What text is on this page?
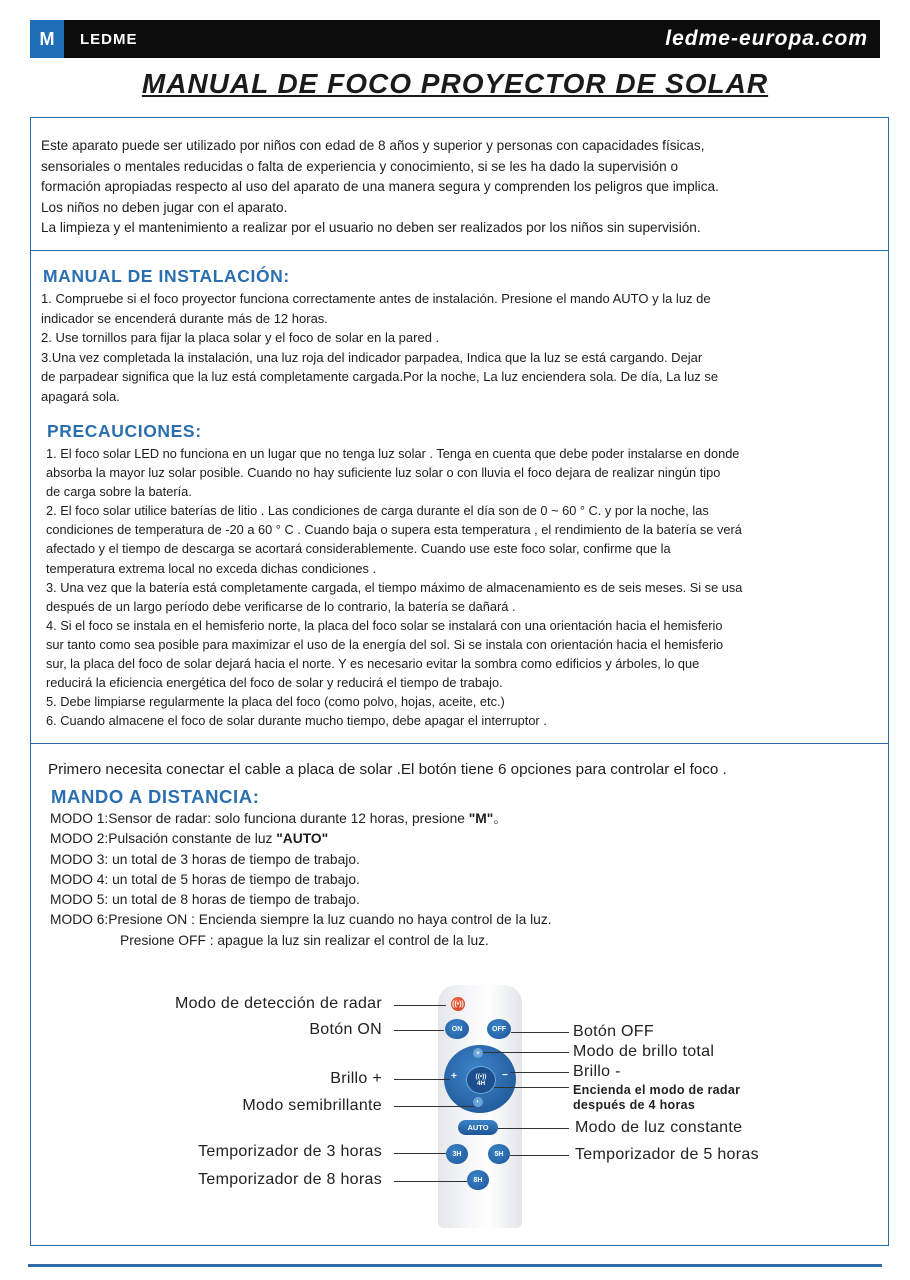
M	LEDME	ledme-europa.com
MANUAL DE FOCO PROYECTOR DE SOLAR
Este aparato puede ser utilizado por niños con edad de 8 años y superior y personas con capacidades físicas,
sensoriales o mentales reducidas o falta de experiencia y conocimiento, si se les ha dado la supervisión o
formación apropiadas respecto al uso del aparato de una manera segura y comprenden los peligros que implica.
Los niños no deben jugar con el aparato.
La limpieza y el mantenimiento a realizar por el usuario no deben ser realizados por los niños sin supervisión.
MANUAL DE INSTALACIÓN:
1. Compruebe si el foco proyector funciona correctamente antes de instalación. Presione el mando AUTO y la luz de
indicador se encenderá durante más de 12 horas.
2. Use tornillos para fijar la placa solar y el foco de solar en la pared .
3.Una vez completada la instalación, una luz roja del indicador parpadea, Indica que la luz se está cargando. Dejar
de parpadear significa que la luz está completamente cargada.Por la noche, La luz enciendera sola. De día, La luz se
apagará sola.
PRECAUCIONES:
1. El foco solar LED no funciona en un lugar que no tenga luz solar . Tenga en cuenta que debe poder instalarse en donde
absorba la mayor luz solar posible. Cuando no hay suficiente luz solar o con lluvia el foco dejara de realizar ningún tipo
de carga sobre la batería.
2. El foco solar utilice baterías de litio . Las condiciones de carga durante el día son de 0 ~ 60 ° C. y por la noche, las
condiciones de temperatura de -20 a 60 ° C . Cuando baja o supera esta temperatura , el rendimiento de la batería se verá
afectado y el tiempo de descarga se acortará considerablemente. Cuando use este foco solar, confirme que la
temperatura extrema local no exceda dichas condiciones .
3. Una vez que la batería está completamente cargada, el tiempo máximo de almacenamiento es de seis meses. Si se usa
después de un largo período debe verificarse de lo contrario, la batería se dañará .
4. Si el foco se instala en el hemisferio norte, la placa del foco solar se instalará con una orientación hacia el hemisferio
sur tanto como sea posible para maximizar el uso de la energía del sol. Si se instala con orientación hacia el hemisferio
sur, la placa del foco de solar dejará hacia el norte. Y es necesario evitar la sombra como edificios y árboles, lo que
reducirá la eficiencia energética del foco de solar y reducirá el tiempo de trabajo.
5. Debe limpiarse regularmente la placa del foco (como polvo, hojas, aceite, etc.)
6. Cuando almacene el foco de solar durante mucho tiempo, debe apagar el interruptor .
Primero necesita conectar el cable a placa de solar .El botón tiene 6 opciones para controlar el foco .
MANDO A DISTANCIA:
MODO 1:Sensor de radar: solo funciona durante 12 horas, presione "M"。
MODO 2:Pulsación constante de luz "AUTO"
MODO 3: un total de 3 horas de tiempo de trabajo.
MODO 4: un total de 5 horas de tiempo de trabajo.
MODO 5: un total de 8 horas de tiempo de trabajo.
MODO 6:Presione ON : Encienda siempre la luz cuando no haya control de la luz.
Presione OFF : apague la luz sin realizar el control de la luz.
((•))
ON	OFF
☀
+	−
((•))
4H
◐
AUTO
3H	5H
8H
Modo de detección de radar
Botón ON
Brillo +
Modo semibrillante
Temporizador de 3 horas
Temporizador de 8 horas
Botón OFF
Modo de brillo total
Brillo -
Encienda el modo de radar
después de 4 horas
Modo de luz constante
Temporizador de 5 horas
